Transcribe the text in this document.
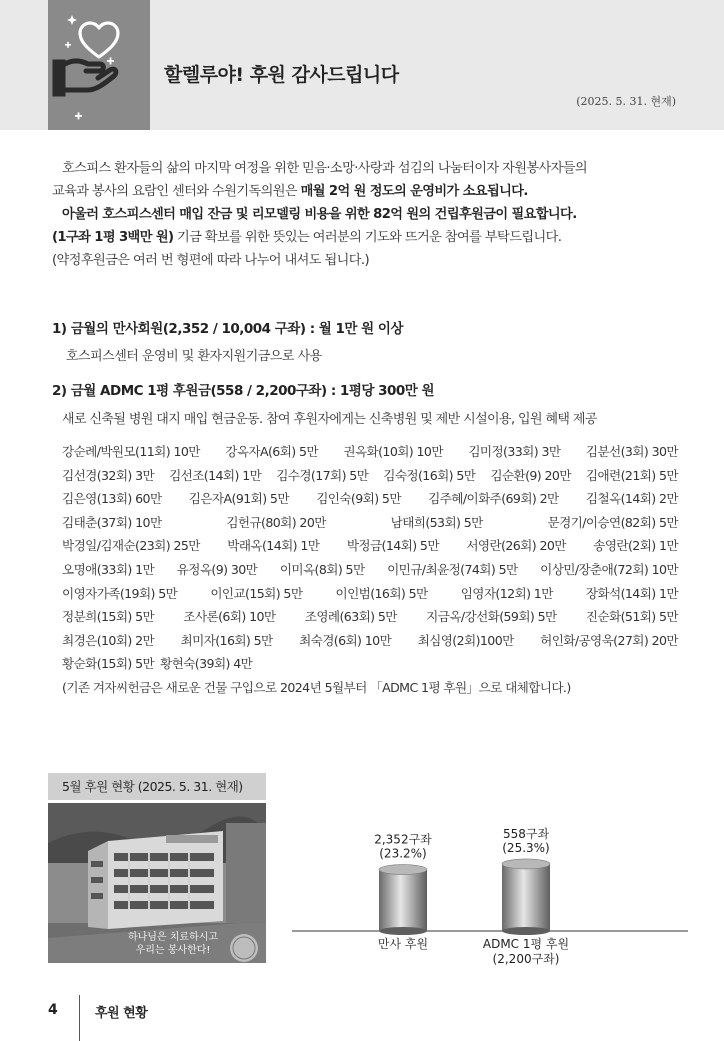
할렐루야! 후원 감사드립니다
(2025. 5. 31. 현재)

호스피스 환자들의 삶의 마지막 여정을 위한 믿음·소망·사랑과 섬김의 나눔터이자 자원봉사자들의

교육과 봉사의 요람인 센터와 수원기독의원은 매월 2억 원 정도의 운영비가 소요됩니다.

아울러 호스피스센터 매입 잔금 및 리모델링 비용을 위한 82억 원의 건립후원금이 필요합니다.

(1구좌 1평 3백만 원) 기금 확보를 위한 뜻있는 여러분의 기도와 뜨거운 참여를 부탁드립니다.

(약정후원금은 여러 번 형편에 따라 나누어 내셔도 됩니다.)

1) 금월의 만사회원(2,352 / 10,004 구좌) : 월 1만 원 이상
호스피스센터 운영비 및 환자지원기금으로 사용
2) 금월 ADMC 1평 후원금(558 / 2,200구좌) : 1평당 300만 원
새로 신축될 병원 대지 매입 현금운동. 참여 후원자에게는 신축병원 및 제반 시설이용, 입원 혜택 제공
강순례/박원모(11회) 10만 강옥자A(6회) 5만 권옥화(10회) 10만 김미정(33회) 3만 김분선(3회) 30만
김선경(32회) 3만 김선조(14회) 1만 김수경(17회) 5만 김숙정(16회) 5만 김순환(9) 20만 김애련(21회) 5만
김은영(13회) 60만 김은자A(91회) 5만 김인숙(9회) 5만 김주혜/이화주(69회) 2만 김철옥(14회) 2만
김태춘(37회) 10만	김헌규(80회) 20만	남태희(53회) 5만	문경기/이승연(82회) 5만
박경일/김재순(23회) 25만 박래옥(14회) 1만 박정금(14회) 5만 서영란(26회) 20만 송영란(2회) 1만
오명애(33회) 1만 유정옥(9) 30만 이미옥(8회) 5만 이민규/최윤정(74회) 5만 이상민/장춘애(72회) 10만
이영자가족(19회) 5만	이인교(15회) 5만	이인범(16회) 5만	임영자(12회) 1만	장화석(14회) 1만
정분희(15회) 5만 조사론(6회) 10만 조영례(63회) 5만 지금옥/강선화(59회) 5만 진순화(51회) 5만
최경은(10회) 2만 최미자(16회) 5만 최숙경(6회) 10만 최심영(2회)100만 허인화/공영욱(27회) 20만
황순화(15회) 5만 황현숙(39회) 4만
(기존 겨자씨헌금은 새로운 건물 구입으로 2024년 5월부터 「ADMC 1평 후원」으로 대체합니다.)
5월 후원 현황 (2025. 5. 31. 현재)
하나님은 치료하시고
우리는 봉사한다!
2,352구좌
(23.2%)
만사 후원
558구좌
(25.3%)
ADMC 1평 후원
(2,200구좌)
4	후원 현황
